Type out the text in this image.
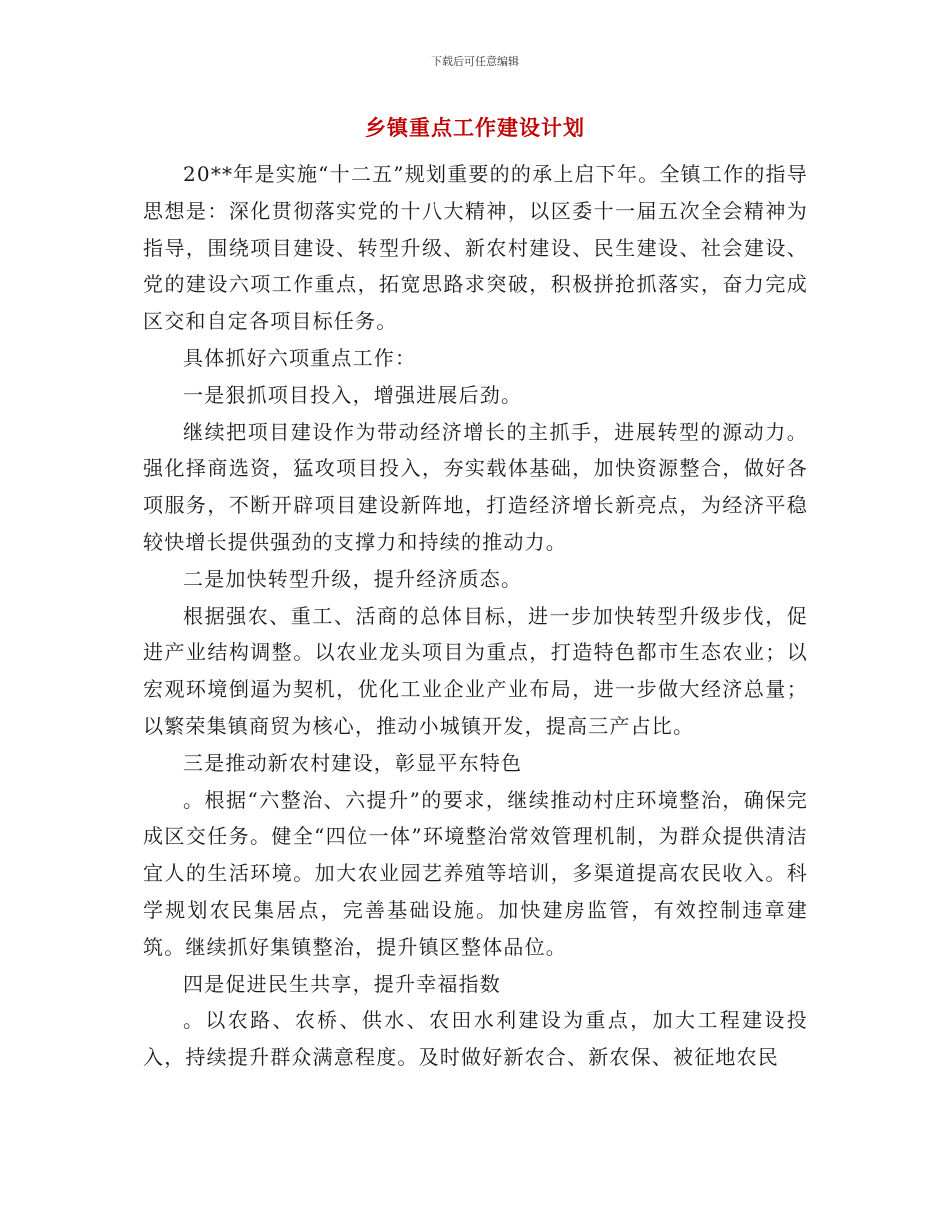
下载后可任意编辑
乡镇重点工作建设计划

20**年是实施“十二五”规划重要的的承上启下年。全镇工作的指导思想是：深化贯彻落实党的十八大精神，以区委十一届五次全会精神为指导，围绕项目建设、转型升级、新农村建设、民生建设、社会建设、党的建设六项工作重点，拓宽思路求突破，积极拼抢抓落实，奋力完成区交和自定各项目标任务。

具体抓好六项重点工作：

一是狠抓项目投入，增强进展后劲。

继续把项目建设作为带动经济增长的主抓手，进展转型的源动力。强化择商选资，猛攻项目投入，夯实载体基础，加快资源整合，做好各项服务，不断开辟项目建设新阵地，打造经济增长新亮点，为经济平稳较快增长提供强劲的支撑力和持续的推动力。

二是加快转型升级，提升经济质态。

根据强农、重工、活商的总体目标，进一步加快转型升级步伐，促进产业结构调整。以农业龙头项目为重点，打造特色都市生态农业；以宏观环境倒逼为契机，优化工业企业产业布局，进一步做大经济总量；以繁荣集镇商贸为核心，推动小城镇开发，提高三产占比。

三是推动新农村建设，彰显平东特色

。根据“六整治、六提升”的要求，继续推动村庄环境整治，确保完成区交任务。健全“四位一体”环境整治常效管理机制，为群众提供清洁宜人的生活环境。加大农业园艺养殖等培训，多渠道提高农民收入。科学规划农民集居点，完善基础设施。加快建房监管，有效控制违章建筑。继续抓好集镇整治，提升镇区整体品位。

四是促进民生共享，提升幸福指数

。以农路、农桥、供水、农田水利建设为重点，加大工程建设投入，持续提升群众满意程度。及时做好新农合、新农保、被征地农民
